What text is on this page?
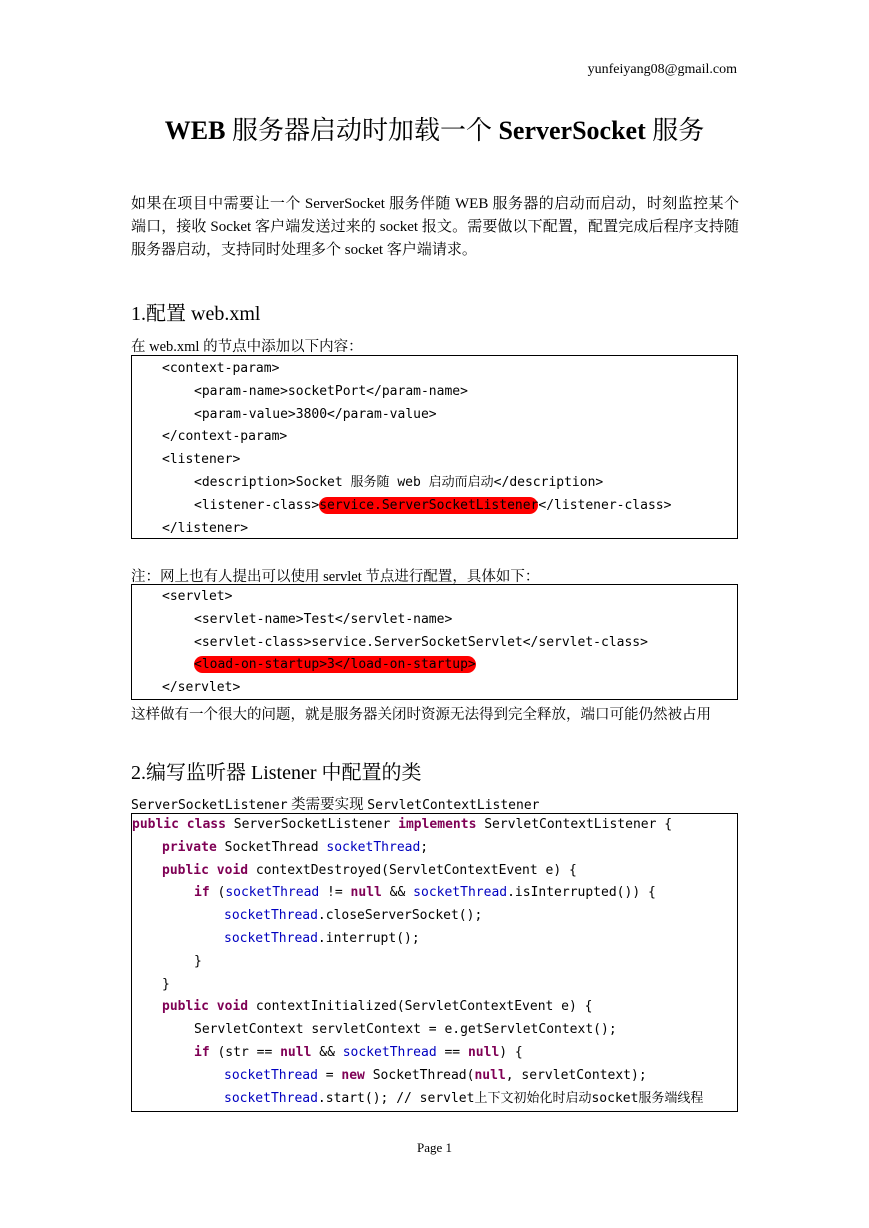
yunfeiyang08@gmail.com
WEB 服务器启动时加载一个 ServerSocket 服务
如果在项目中需要让一个 ServerSocket 服务伴随 WEB 服务器的启动而启动，时刻监控某个端口，接收 Socket 客户端发送过来的 socket 报文。需要做以下配置，配置完成后程序支持随服务器启动，支持同时处理多个 socket 客户端请求。
1.配置 web.xml
在 web.xml 的节点中添加以下内容：
<context-param>
<param-name>socketPort</param-name>
<param-value>3800</param-value>
</context-param>
<listener>
<description>Socket 服务随 web 启动而启动</description>
<listener-class>service.ServerSocketListener</listener-class>
</listener>
注：网上也有人提出可以使用 servlet 节点进行配置，具体如下：
<servlet>
<servlet-name>Test</servlet-name>
<servlet-class>service.ServerSocketServlet</servlet-class>
<load-on-startup>3</load-on-startup>
</servlet>
这样做有一个很大的问题，就是服务器关闭时资源无法得到完全释放，端口可能仍然被占用
2.编写监听器 Listener 中配置的类
ServerSocketListener 类需要实现 ServletContextListener
public class ServerSocketListener implements ServletContextListener {
private SocketThread socketThread;
public void contextDestroyed(ServletContextEvent e) {
if (socketThread != null && socketThread.isInterrupted()) {
socketThread.closeServerSocket();
socketThread.interrupt();
}
}
public void contextInitialized(ServletContextEvent e) {
ServletContext servletContext = e.getServletContext();
if (str == null && socketThread == null) {
socketThread = new SocketThread(null, servletContext);
socketThread.start(); // servlet上下文初始化时启动socket服务端线程
Page 1
